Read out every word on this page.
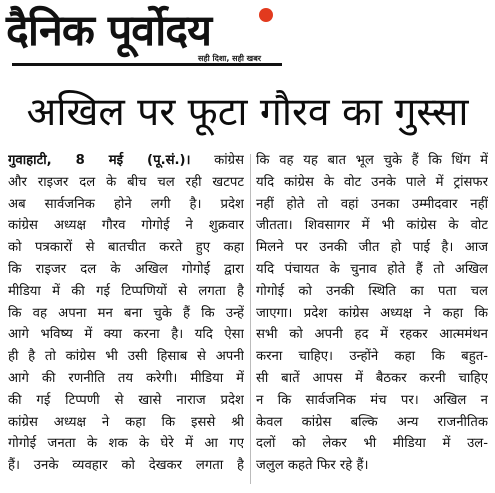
दैनिक पूर्वोदय
सही दिशा, सही खबर
अखिल पर फूटा गौरव का गुस्सा
गुवाहाटी, 8 मई (पू.सं.)। कांग्रेस
और राइजर दल के बीच चल रही खटपट
अब सार्वजनिक होने लगी है। प्रदेश
कांग्रेस अध्यक्ष गौरव गोगोई ने शुक्रवार
को पत्रकारों से बातचीत करते हुए कहा
कि राइजर दल के अखिल गोगोई द्वारा
मीडिया में की गई टिप्पणियों से लगता है
कि वह अपना मन बना चुके हैं कि उन्हें
आगे भविष्य में क्या करना है। यदि ऐसा
ही है तो कांग्रेस भी उसी हिसाब से अपनी
आगे की रणनीति तय करेगी। मीडिया में
की गई टिप्पणी से खासे नाराज प्रदेश
कांग्रेस अध्यक्ष ने कहा कि इससे श्री
गोगोई जनता के शक के घेरे में आ गए
हैं। उनके व्यवहार को देखकर लगता है
कि वह यह बात भूल चुके हैं कि धिंग में
यदि कांग्रेस के वोट उनके पाले में ट्रांसफर
नहीं होते तो वहां उनका उम्मीदवार नहीं
जीतता। शिवसागर में भी कांग्रेस के वोट
मिलने पर उनकी जीत हो पाई है। आज
यदि पंचायत के चुनाव होते हैं तो अखिल
गोगोई को उनकी स्थिति का पता चल
जाएगा। प्रदेश कांग्रेस अध्यक्ष ने कहा कि
सभी को अपनी हद में रहकर आत्ममंथन
करना चाहिए। उन्होंने कहा कि बहुत-
सी बातें आपस में बैठकर करनी चाहिए
न कि सार्वजनिक मंच पर। अखिल न
केवल कांग्रेस बल्कि अन्य राजनीतिक
दलों को लेकर भी मीडिया में उल-
जलुल कहते फिर रहे हैं।
